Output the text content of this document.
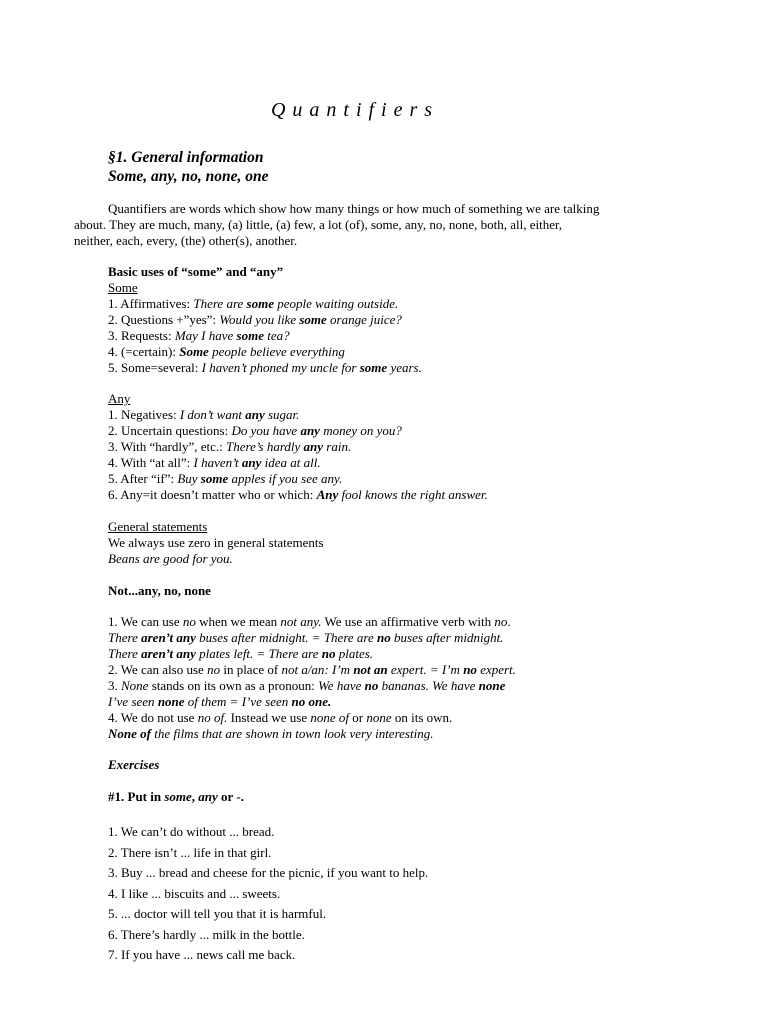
Quantifiers
§1. General information
Some, any, no, none, one
Quantifiers are words which show how many things or how much of something we are talking
about. They are much, many, (a) little, (a) few, a lot (of), some, any, no, none, both, all, either,
neither, each, every, (the) other(s), another.
Basic uses of “some” and “any”
Some
1. Affirmatives: There are some people waiting outside.
2. Questions +”yes”: Would you like some orange juice?
3. Requests: May I have some tea?
4. (=certain): Some people believe everything
5. Some=several: I haven’t phoned my uncle for some years.
Any
1. Negatives: I don’t want any sugar.
2. Uncertain questions: Do you have any money on you?
3. With “hardly”, etc.: There’s hardly any rain.
4. With “at all”: I haven’t any idea at all.
5. After “if”: Buy some apples if you see any.
6. Any=it doesn’t matter who or which: Any fool knows the right answer.
General statements
We always use zero in general statements
Beans are good for you.
Not...any, no, none
1. We can use no when we mean not any. We use an affirmative verb with no.
There aren’t any buses after midnight. = There are no buses after midnight.
There aren’t any plates left. = There are no plates.
2. We can also use no in place of not a/an: I’m not an expert. = I’m no expert.
3. None stands on its own as a pronoun: We have no bananas. We have none
I’ve seen none of them = I’ve seen no one.
4. We do not use no of. Instead we use none of or none on its own.
None of the films that are shown in town look very interesting.
Exercises
#1. Put in some, any or -.
1. We can’t do without ... bread.
2. There isn’t ... life in that girl.
3. Buy ... bread and cheese for the picnic, if you want to help.
4. I like ... biscuits and ... sweets.
5. ... doctor will tell you that it is harmful.
6. There’s hardly ... milk in the bottle.
7. If you have ... news call me back.
